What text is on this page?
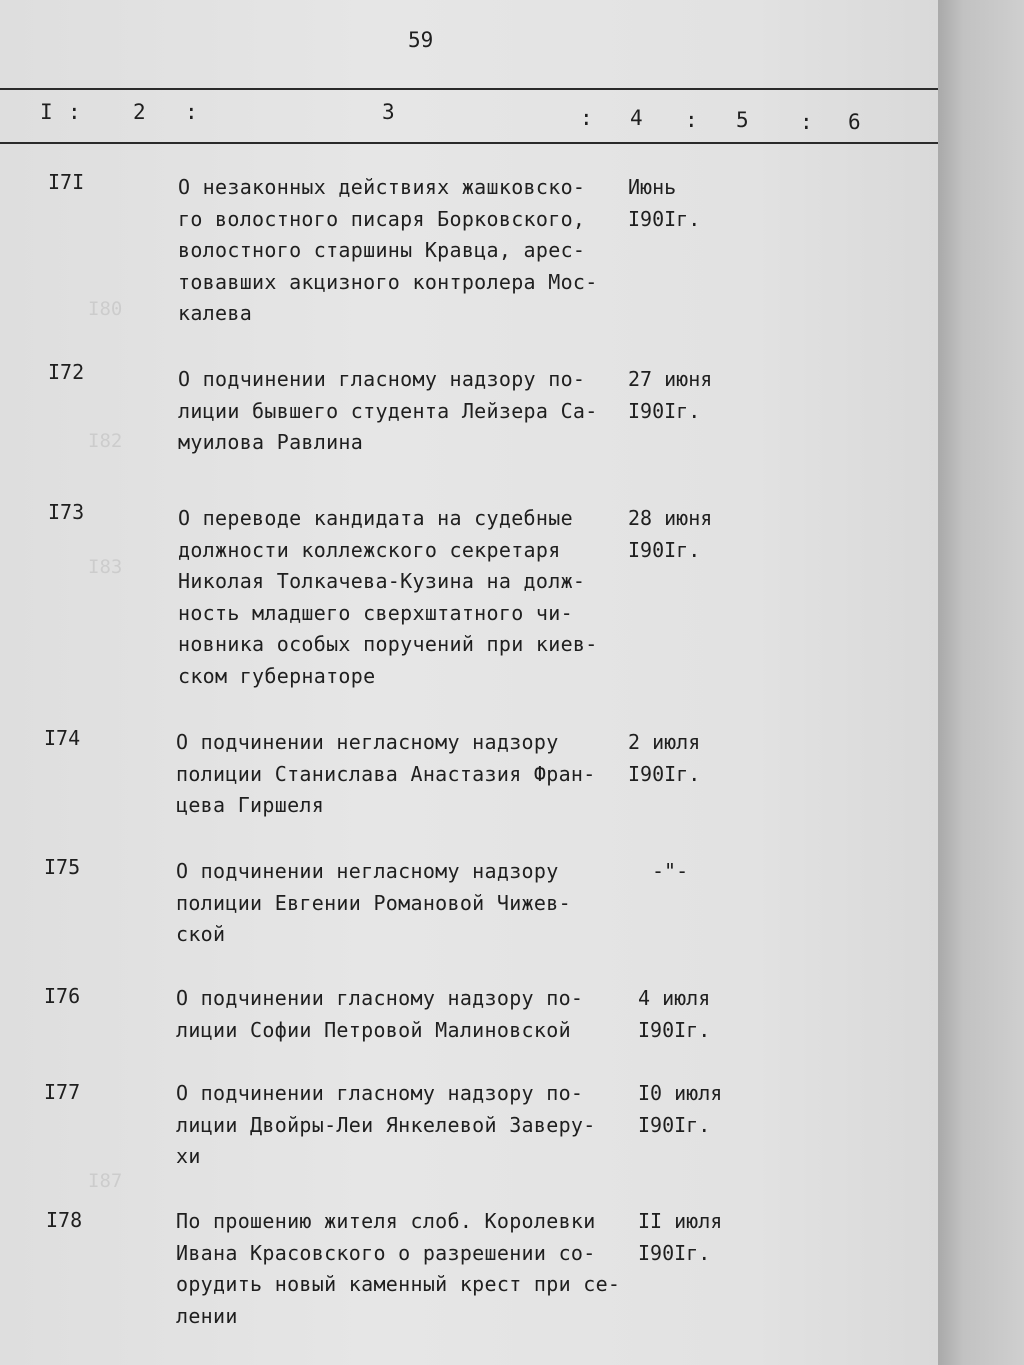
I80
I82
I83
I87
59
I : 2 :	3	: 4 : 5 : 6
I7I	О незаконных действиях жашковско-
го волостного писаря Борковского,
волостного старшины Кравца, арес-
товавших акцизного контролера Мос-
калева
Июнь
I90Iг.
I72	О подчинении гласному надзору по-
лиции бывшего студента Лейзера Са-
муилова Равлина
27 июня
I90Iг.
I73	О переводе кандидата на судебные
должности коллежского секретаря
Николая Толкачева-Кузина на долж-
ность младшего сверхштатного чи-
новника особых поручений при киев-
ском губернаторе
28 июня
I90Iг.
I74	О подчинении негласному надзору
полиции Станислава Анастазия Фран-
цева Гиршеля
2 июля
I90Iг.
I75	О подчинении негласному надзору
полиции Евгении Романовой Чижев-
ской
-"-
I76	О подчинении гласному надзору по-
лиции Софии Петровой Малиновской
4 июля
I90Iг.
I77	О подчинении гласному надзору по-
лиции Двойры-Леи Янкелевой Заверу-
хи
I0 июля
I90Iг.
I78	По прошению жителя слоб. Королевки
Ивана Красовского о разрешении со-
орудить новый каменный крест при се-
лении
II июля
I90Iг.
